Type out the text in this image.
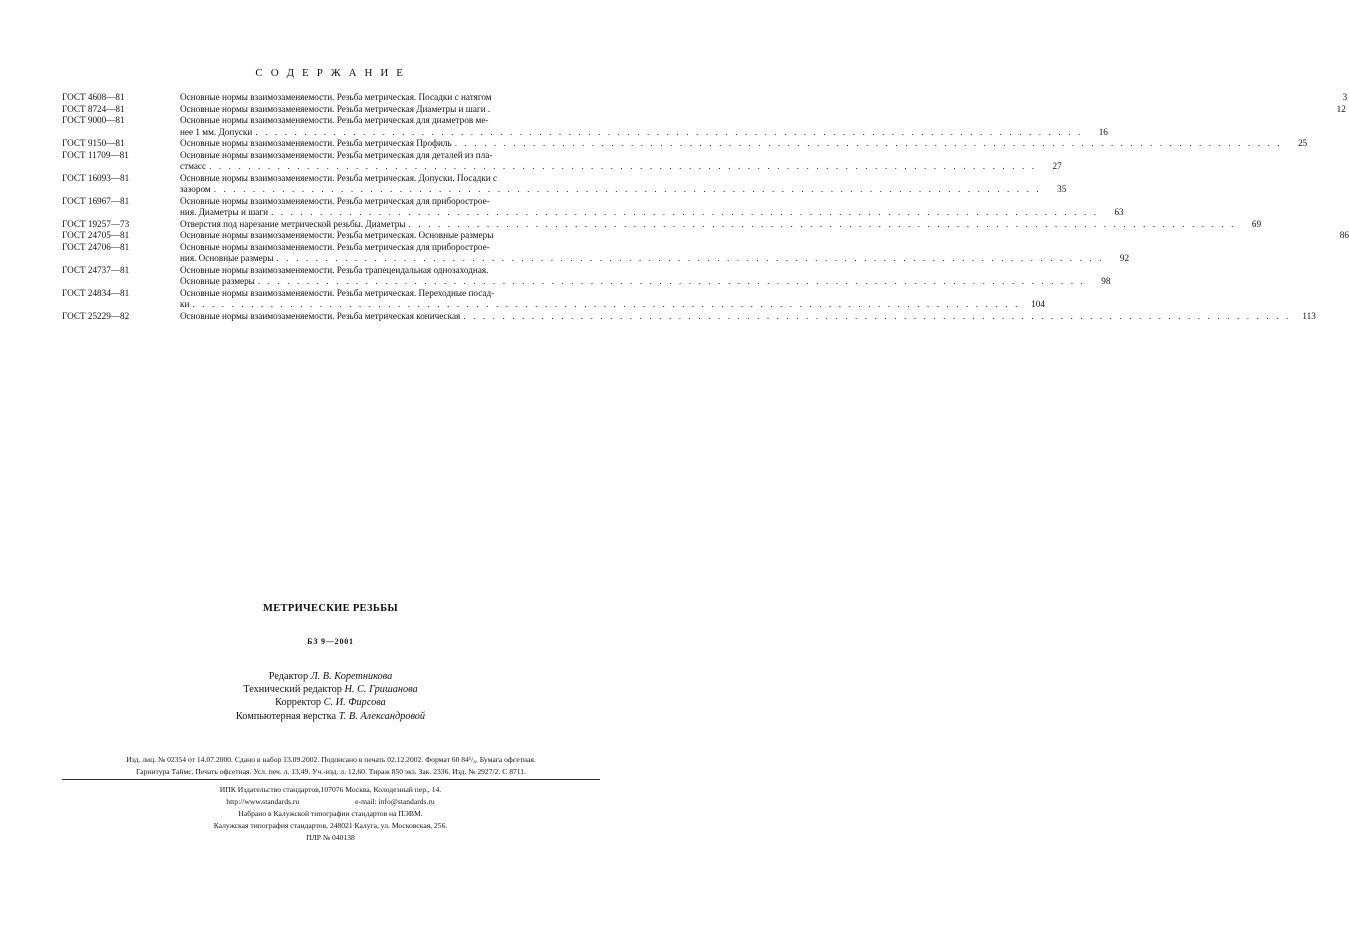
С О Д Е Р Ж А Н И Е
ГОСТ 4608—81	Основные нормы взаимозаменяемости. Резьба метрическая. Посадки с натягом	3
ГОСТ 8724—81	Основные нормы взаимозаменяемости. Резьба метрическая Диаметры и шаги .	12
ГОСТ 9000—81	Основные нормы взаимозаменяемости. Резьба метрическая для диаметров ме-
нее 1 мм. Допуски . . .	16
ГОСТ 9150—81	Основные нормы взаимозаменяемости. Резьба метрическая Профиль . . .	25
ГОСТ 11709—81	Основные нормы взаимозаменяемости. Резьба метрическая для деталей из пла-
стмасс . . .	27
ГОСТ 16093—81	Основные нормы взаимозаменяемости. Резьба метрическая. Допуски. Посадки с
зазором . . .	35
ГОСТ 16967—81	Основные нормы взаимозаменяемости. Резьба метрическая для приборострое-
ния. Диаметры и шаги . . .	63
ГОСТ 19257—73	Отверстия под нарезание метрической резьбы. Диаметры . . .	69
ГОСТ 24705—81	Основные нормы взаимозаменяемости. Резьба метрическая. Основные размеры	86
ГОСТ 24706—81	Основные нормы взаимозаменяемости. Резьба метрическая для приборострое-
ния. Основные размеры . . .	92
ГОСТ 24737—81	Основные нормы взаимозаменяемости. Резьба трапецеидальная однозаходная.
Основные размеры . . .	98
ГОСТ 24834—81	Основные нормы взаимозаменяемости. Резьба метрическая. Переходные посад-
ки . . .	104
ГОСТ 25229—82	Основные нормы взаимозаменяемости. Резьба метрическая коническая . . .	113
МЕТРИЧЕСКИЕ РЕЗЬБЫ
БЗ 9—2001
Редактор Л. В. Коретникова
Технический редактор Н. С. Гришанова
Корректор С. И. Фирсова
Компьютерная верстка Т. В. Александровой
Изд. лиц. № 02354 от 14.07.2000. Сдано в набор 13.09.2002. Подписано в печать 02.12.2002. Формат 60 84¹/₈. Бумага офсетная.
Гарнитура Таймс. Печать офсетная. Усл. печ. л. 13,49. Уч.-изд. л. 12,60. Тираж 850 экз. Зак. 2336. Изд. № 2927/2. С 8711.
ИПК Издательство стандартов,107076 Москва, Колодезный пер., 14.
http://www.standards.ru	e-mail: info@standards.ru
Набрано в Калужской типографии стандартов на ПЭВМ.
Калужская типография стандартов, 248021 Калуга, ул. Московская, 256.
ПЛР № 040138
